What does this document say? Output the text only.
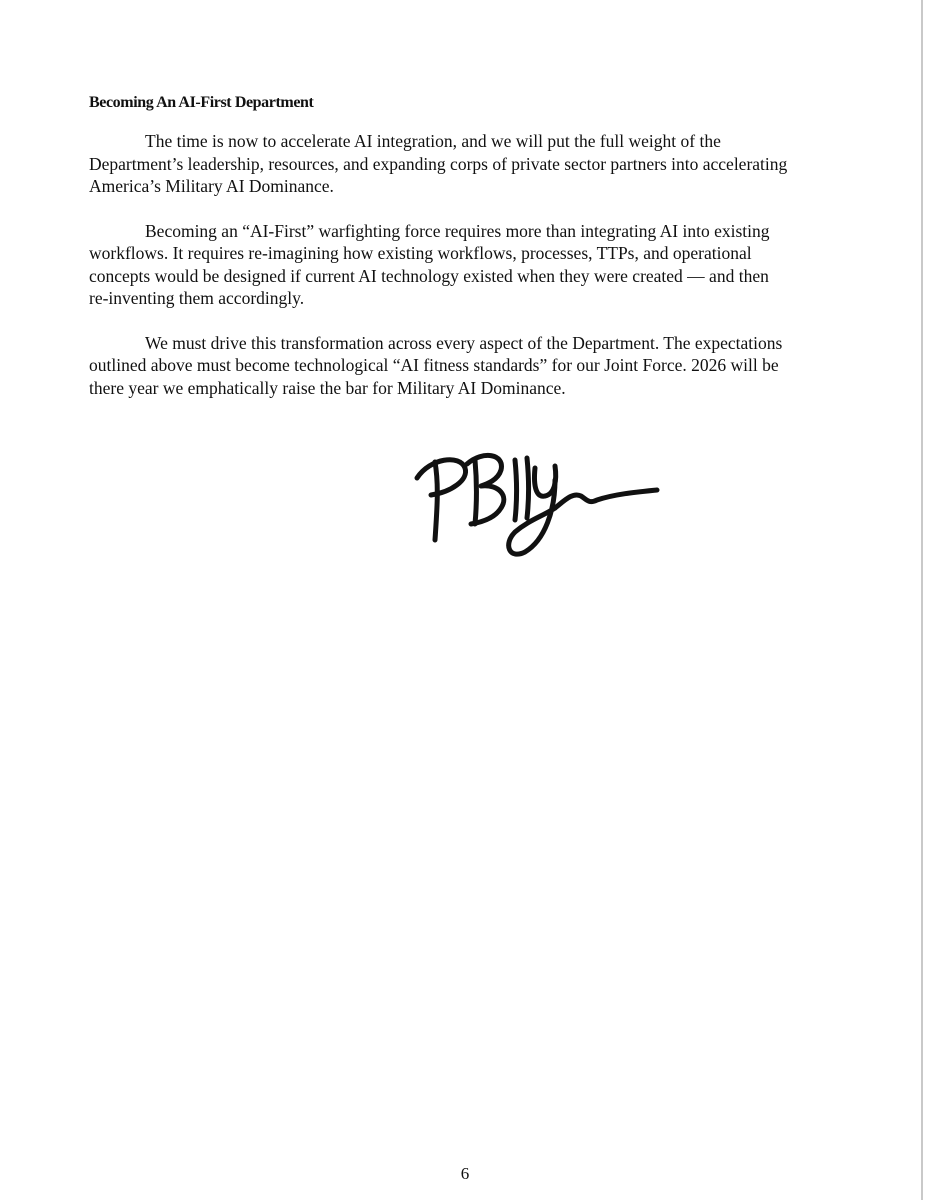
Becoming An AI-First Department

The time is now to accelerate AI integration, and we will put the full weight of the Department’s leadership, resources, and expanding corps of private sector partners into accelerating America’s Military AI Dominance.

Becoming an “AI-First” warfighting force requires more than integrating AI into existing workflows. It requires re-imagining how existing workflows, processes, TTPs, and operational concepts would be designed if current AI technology existed when they were created — and then re-inventing them accordingly.

We must drive this transformation across every aspect of the Department. The expectations outlined above must become technological “AI fitness standards” for our Joint Force. 2026 will be there year we emphatically raise the bar for Military AI Dominance.

6
